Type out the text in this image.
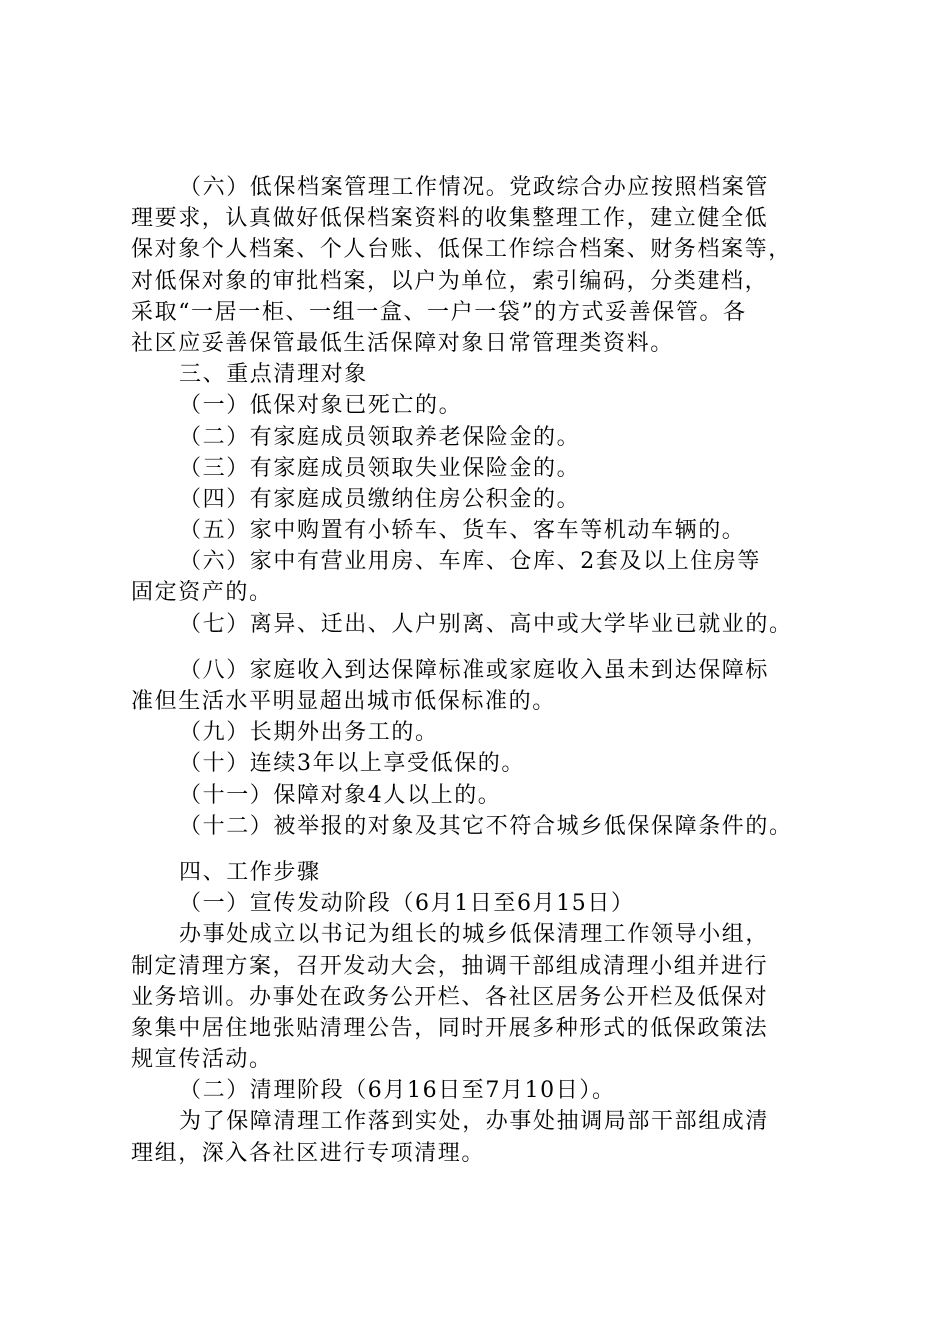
（六）低保档案管理工作情况。党政综合办应按照档案管
理要求，认真做好低保档案资料的收集整理工作，建立健全低
保对象个人档案、个人台账、低保工作综合档案、财务档案等，
对低保对象的审批档案，以户为单位，索引编码，分类建档，
采取“一居一柜、一组一盒、一户一袋”的方式妥善保管。各
社区应妥善保管最低生活保障对象日常管理类资料。
三、重点清理对象
（一）低保对象已死亡的。
（二）有家庭成员领取养老保险金的。
（三）有家庭成员领取失业保险金的。
（四）有家庭成员缴纳住房公积金的。
（五）家中购置有小轿车、货车、客车等机动车辆的。
（六）家中有营业用房、车库、仓库、2套及以上住房等
固定资产的。
（七）离异、迁出、人户别离、高中或大学毕业已就业的。
（八）家庭收入到达保障标准或家庭收入虽未到达保障标
准但生活水平明显超出城市低保标准的。
（九）长期外出务工的。
（十）连续3年以上享受低保的。
（十一）保障对象4人以上的。
（十二）被举报的对象及其它不符合城乡低保保障条件的。
四、工作步骤
（一）宣传发动阶段（6月1日至6月15日）
办事处成立以书记为组长的城乡低保清理工作领导小组，
制定清理方案，召开发动大会，抽调干部组成清理小组并进行
业务培训。办事处在政务公开栏、各社区居务公开栏及低保对
象集中居住地张贴清理公告，同时开展多种形式的低保政策法
规宣传活动。
（二）清理阶段（6月16日至7月10日）。
为了保障清理工作落到实处，办事处抽调局部干部组成清
理组，深入各社区进行专项清理。
